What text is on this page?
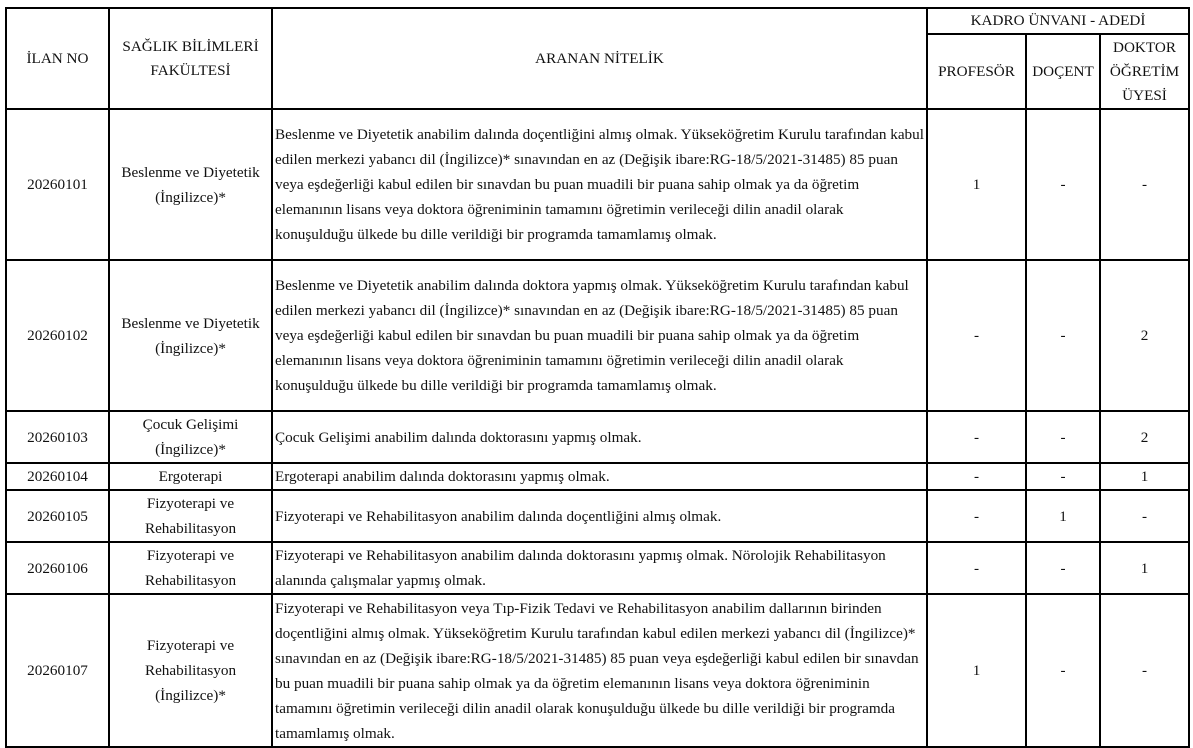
İLAN NO	SAĞLIK BİLİMLERİ FAKÜLTESİ	ARANAN NİTELİK	KADRO ÜNVANI - ADEDİ		
			PROFESÖR	DOÇENT	DOKTOR ÖĞRETİM ÜYESİ
20260101	Beslenme ve Diyetetik (İngilizce)*	Beslenme ve Diyetetik anabilim dalında doçentliğini almış olmak. Yükseköğretim Kurulu tarafından kabul edilen merkezi yabancı dil (İngilizce)* sınavından en az (Değişik ibare:RG-18/5/2021-31485) 85 puan veya eşdeğerliği kabul edilen bir sınavdan bu puan muadili bir puana sahip olmak ya da öğretim elemanının lisans veya doktora öğreniminin tamamını öğretimin verileceği dilin anadil olarak konuşulduğu ülkede bu dille verildiği bir programda tamamlamış olmak.	1	-	-
20260102	Beslenme ve Diyetetik (İngilizce)*	Beslenme ve Diyetetik anabilim dalında doktora yapmış olmak. Yükseköğretim Kurulu tarafından kabul edilen merkezi yabancı dil (İngilizce)* sınavından en az (Değişik ibare:RG-18/5/2021-31485) 85 puan veya eşdeğerliği kabul edilen bir sınavdan bu puan muadili bir puana sahip olmak ya da öğretim elemanının lisans veya doktora öğreniminin tamamını öğretimin verileceği dilin anadil olarak konuşulduğu ülkede bu dille verildiği bir programda tamamlamış olmak.	-	-	2
20260103	Çocuk Gelişimi (İngilizce)*	Çocuk Gelişimi anabilim dalında doktorasını yapmış olmak.	-	-	2
20260104	Ergoterapi	Ergoterapi anabilim dalında doktorasını yapmış olmak.	-	-	1
20260105	Fizyoterapi ve Rehabilitasyon	Fizyoterapi ve Rehabilitasyon anabilim dalında doçentliğini almış olmak.	-	1	-
20260106	Fizyoterapi ve Rehabilitasyon	Fizyoterapi ve Rehabilitasyon anabilim dalında doktorasını yapmış olmak. Nörolojik Rehabilitasyon alanında çalışmalar yapmış olmak.	-	-	1
20260107	Fizyoterapi ve Rehabilitasyon (İngilizce)*	Fizyoterapi ve Rehabilitasyon veya Tıp-Fizik Tedavi ve Rehabilitasyon anabilim dallarının birinden doçentliğini almış olmak. Yükseköğretim Kurulu tarafından kabul edilen merkezi yabancı dil (İngilizce)* sınavından en az (Değişik ibare:RG-18/5/2021-31485) 85 puan veya eşdeğerliği kabul edilen bir sınavdan bu puan muadili bir puana sahip olmak ya da öğretim elemanının lisans veya doktora öğreniminin tamamını öğretimin verileceği dilin anadil olarak konuşulduğu ülkede bu dille verildiği bir programda tamamlamış olmak.	1	-	-
